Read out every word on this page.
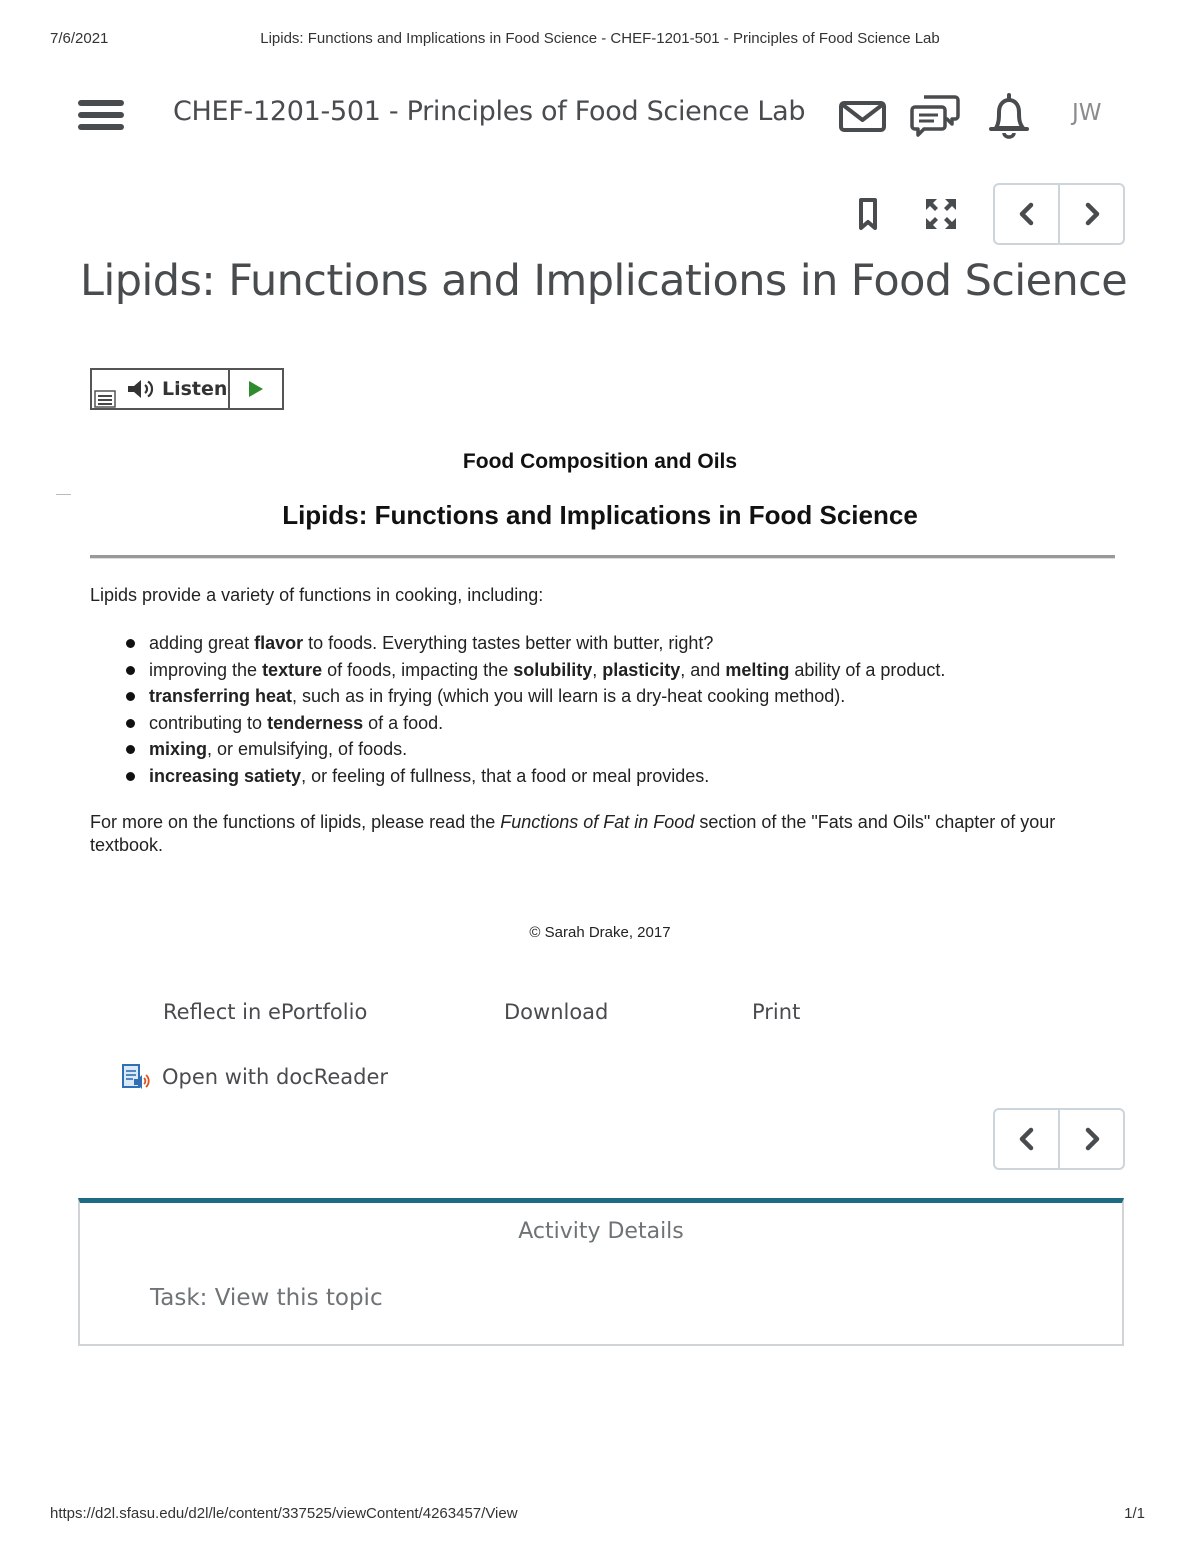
7/6/2021	Lipids: Functions and Implications in Food Science - CHEF-1201-501 - Principles of Food Science Lab
CHEF-1201-501 - Principles of Food Science Lab	JW
Lipids: Functions and Implications in Food Science
Listen
Food Composition and Oils
Lipids: Functions and Implications in Food Science
Lipids provide a variety of functions in cooking, including:
adding great flavor to foods. Everything tastes better with butter, right?
improving the texture of foods, impacting the solubility, plasticity, and melting ability of a product.
transferring heat, such as in frying (which you will learn is a dry-heat cooking method).
contributing to tenderness of a food.
mixing, or emulsifying, of foods.
increasing satiety, or feeling of fullness, that a food or meal provides.
For more on the functions of lipids, please read the Functions of Fat in Food section of the "Fats and Oils" chapter of your textbook.
© Sarah Drake, 2017
Reflect in ePortfolio	Download	Print
Open with docReader
Activity Details
Task: View this topic
https://d2l.sfasu.edu/d2l/le/content/337525/viewContent/4263457/View	1/1
